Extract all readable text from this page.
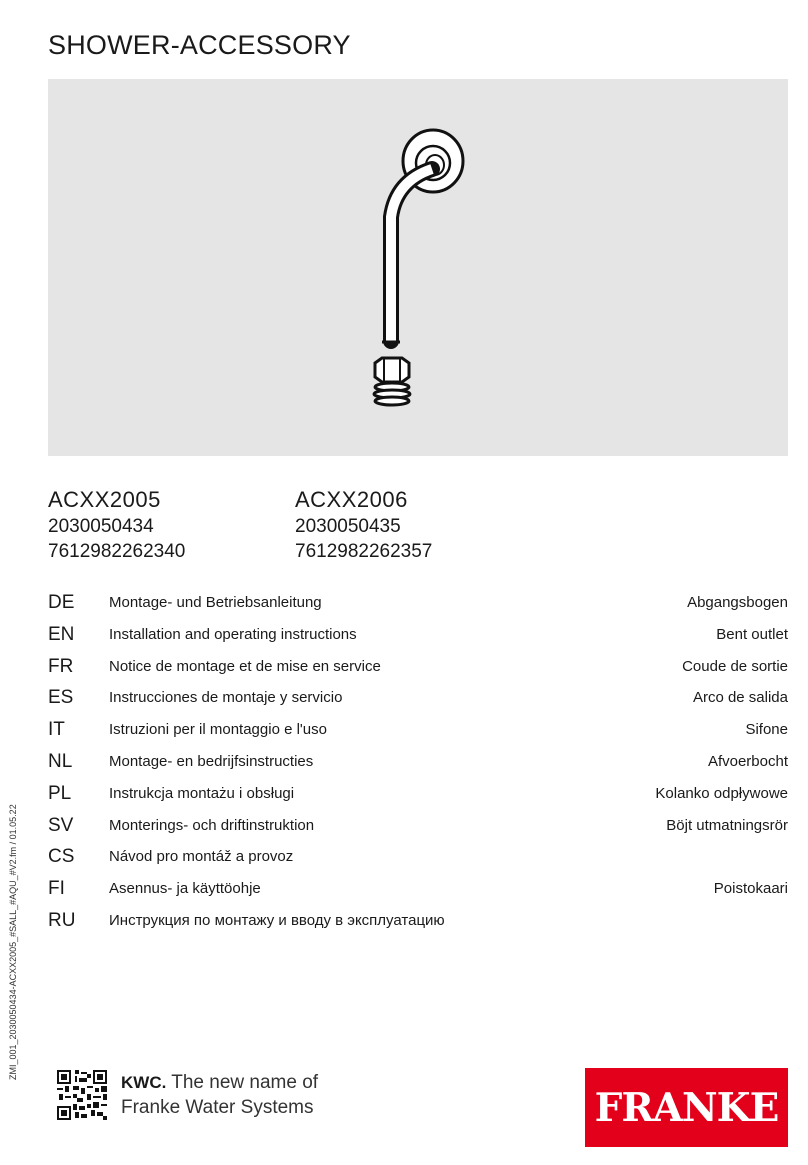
SHOWER-ACCESSORY
ACXX2005
2030050434
7612982262340
ACXX2006
2030050435
7612982262357
DE Montage- und Betriebsanleitung	Abgangsbogen
EN Installation and operating instructions	Bent outlet
FR Notice de montage et de mise en service	Coude de sortie
ES Instrucciones de montaje y servicio	Arco de salida
IT	Istruzioni per il montaggio e l'uso	Sifone
NL Montage- en bedrijfsinstructies	Afvoerbocht
PL	Instrukcja montażu i obsługi	Kolanko odpływowe
SV Monterings- och driftinstruktion	Böjt utmatningsrör
CS Návod pro montáž a provoz
FI	Asennus- ja käyttöohje	Poistokaari
RU Инструкция по монтажу и вводу в эксплуатацию
ZMI_001_2030050434-ACXX2005_#SALL_#AQU_#V2.fm / 01.05.22
KWC. The new name of
Franke Water Systems	FRANKE
